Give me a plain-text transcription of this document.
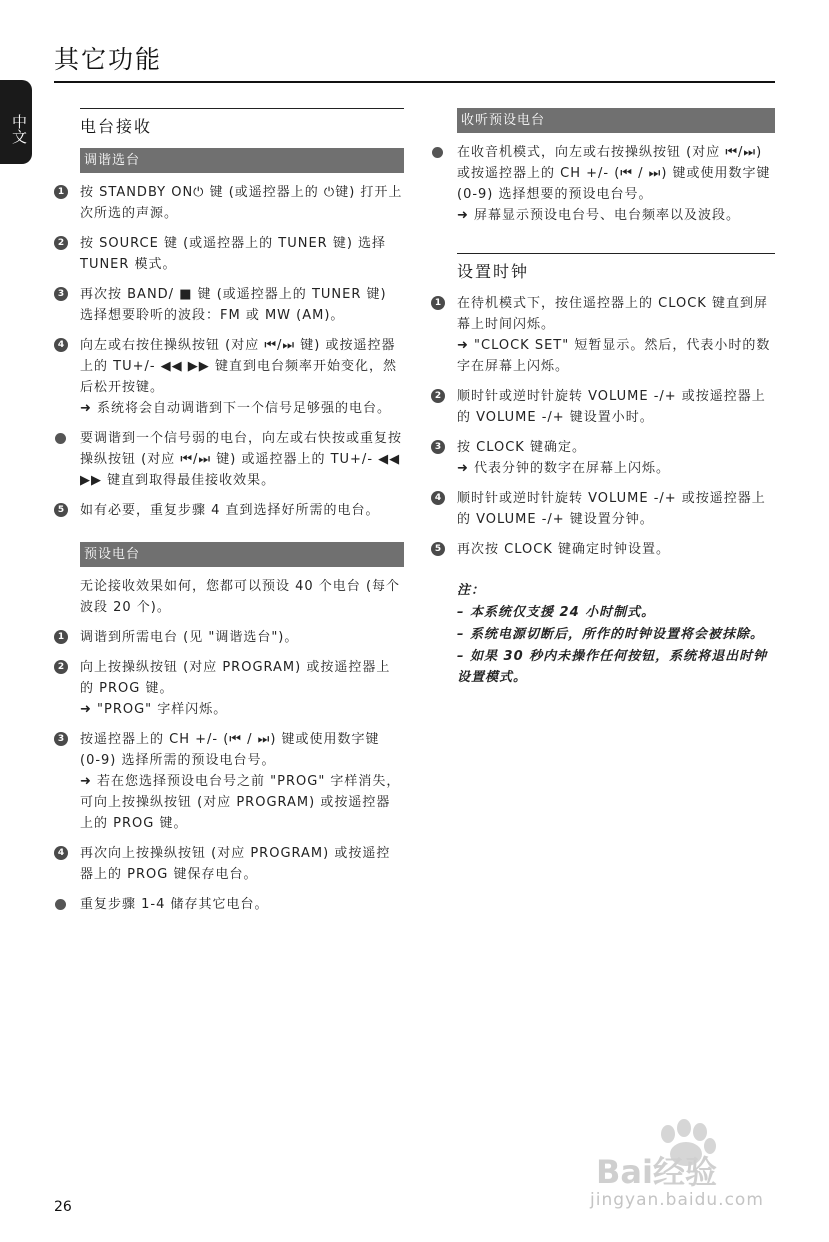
其它功能
中文	电台接收
调谐选台
1 按 STANDBY ON⏻ 键 (或遥控器上的 ⏻键) 打开上次所选的声源。
2 按 SOURCE 键 (或遥控器上的 TUNER 键) 选择 TUNER 模式。
3 再次按 BAND/ ■ 键 (或遥控器上的 TUNER 键) 选择想要聆听的波段：FM 或 MW (AM)。
4 向左或右按住操纵按钮 (对应 ⏮/⏭ 键) 或按遥控器上的 TU+/- ◀◀ ▶▶ 键直到电台频率开始变化，然后松开按键。
➜ 系统将会自动调谐到下一个信号足够强的电台。
要调谐到一个信号弱的电台，向左或右快按或重复按操纵按钮 (对应 ⏮/⏭ 键) 或遥控器上的 TU+/- ◀◀ ▶▶ 键直到取得最佳接收效果。
5 如有必要，重复步骤 4 直到选择好所需的电台。
预设电台
无论接收效果如何，您都可以预设 40 个电台 (每个波段 20 个)。
1 调谐到所需电台 (见 "调谐选台")。
2 向上按操纵按钮 (对应 PROGRAM) 或按遥控器上的 PROG 键。
➜ "PROG" 字样闪烁。
3 按遥控器上的 CH +/- (⏮ / ⏭) 键或使用数字键 (0-9) 选择所需的预设电台号。
➜ 若在您选择预设电台号之前 "PROG" 字样消失，可向上按操纵按钮 (对应 PROGRAM) 或按遥控器上的 PROG 键。
4 再次向上按操纵按钮 (对应 PROGRAM) 或按遥控器上的 PROG 键保存电台。
重复步骤 1-4 储存其它电台。
收听预设电台
在收音机模式，向左或右按操纵按钮 (对应 ⏮/⏭) 或按遥控器上的 CH +/- (⏮ / ⏭) 键或使用数字键 (0-9) 选择想要的预设电台号。
➜ 屏幕显示预设电台号、电台频率以及波段。
设置时钟
1 在待机模式下，按住遥控器上的 CLOCK 键直到屏幕上时间闪烁。
➜ "CLOCK SET" 短暂显示。然后，代表小时的数字在屏幕上闪烁。
2 顺时针或逆时针旋转 VOLUME -/+ 或按遥控器上的 VOLUME -/+ 键设置小时。
3 按 CLOCK 键确定。
➜ 代表分钟的数字在屏幕上闪烁。
4 顺时针或逆时针旋转 VOLUME -/+ 或按遥控器上的 VOLUME -/+ 键设置分钟。
5 再次按 CLOCK 键确定时钟设置。
注：
– 本系统仅支援 24 小时制式。
– 系统电源切断后，所作的时钟设置将会被抹除。
– 如果 30 秒内未操作任何按钮，系统将退出时钟设置模式。
26
Bai经验
jingyan.baidu.com
